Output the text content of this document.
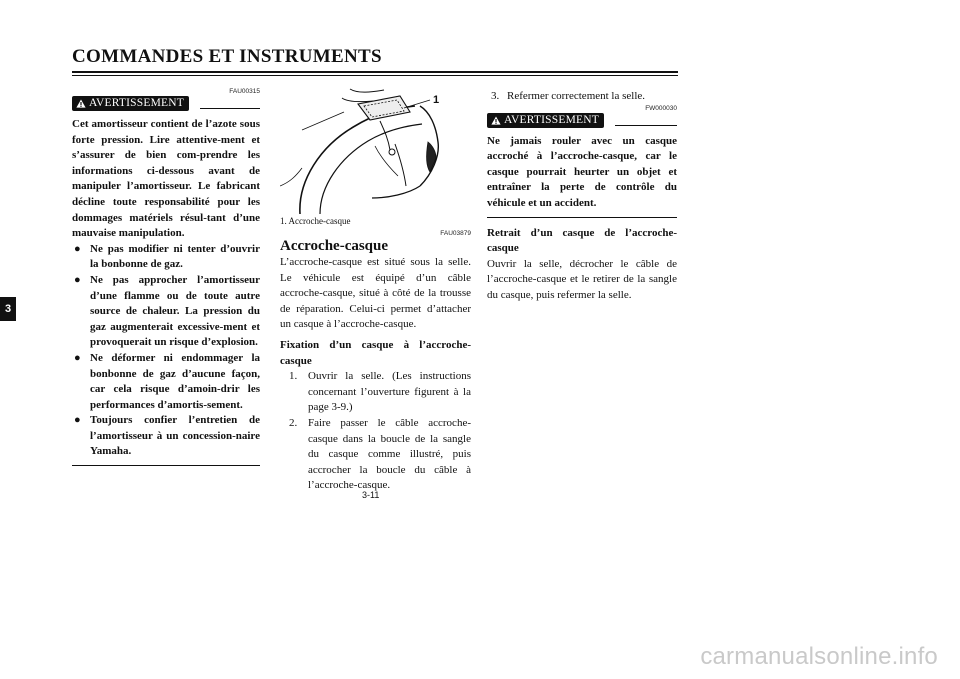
COMMANDES ET INSTRUMENTS
3
FAU00315
AVERTISSEMENT
Cet amortisseur contient de l’azote sous forte pression. Lire attentive-ment et s’assurer de bien com-prendre les informations ci-dessous avant de manipuler l’amortisseur. Le fabricant décline toute responsabilité pour les dommages matériels résul-tant d’une mauvaise manipulation.
● Ne pas modifier ni tenter d’ouvrir la bonbonne de gaz.
● Ne pas approcher l’amortisseur d’une flamme ou de toute autre source de chaleur. La pression du gaz augmenterait excessive-ment et provoquerait un risque d’explosion.
● Ne déformer ni endommager la bonbonne de gaz d’aucune façon, car cela risque d’amoin-drir les performances d’amortis-sement.
● Toujours confier l’entretien de l’amortisseur à un concession-naire Yamaha.
1
1. Accroche-casque
FAU03879
Accroche-casque
L’accroche-casque est situé sous la selle. Le véhicule est équipé d’un câble accroche-casque, situé à côté de la trousse de réparation. Celui-ci permet d’attacher un casque à l’accroche-casque.
Fixation d’un casque à l’accroche-casque
1. Ouvrir la selle. (Les instructions concernant l’ouverture figurent à la page 3-9.)
2. Faire passer le câble accroche-casque dans la boucle de la sangle du casque comme illustré, puis accrocher la boucle du câble à l’accroche-casque.
3. Refermer correctement la selle.
FW000030
AVERTISSEMENT
Ne jamais rouler avec un casque accroché à l’accroche-casque, car le casque pourrait heurter un objet et entraîner la perte de contrôle du véhicule et un accident.
Retrait d’un casque de l’accroche-casque
Ouvrir la selle, décrocher le câble de l’accroche-casque et le retirer de la sangle du casque, puis refermer la selle.
3-11
carmanualsonline.info
